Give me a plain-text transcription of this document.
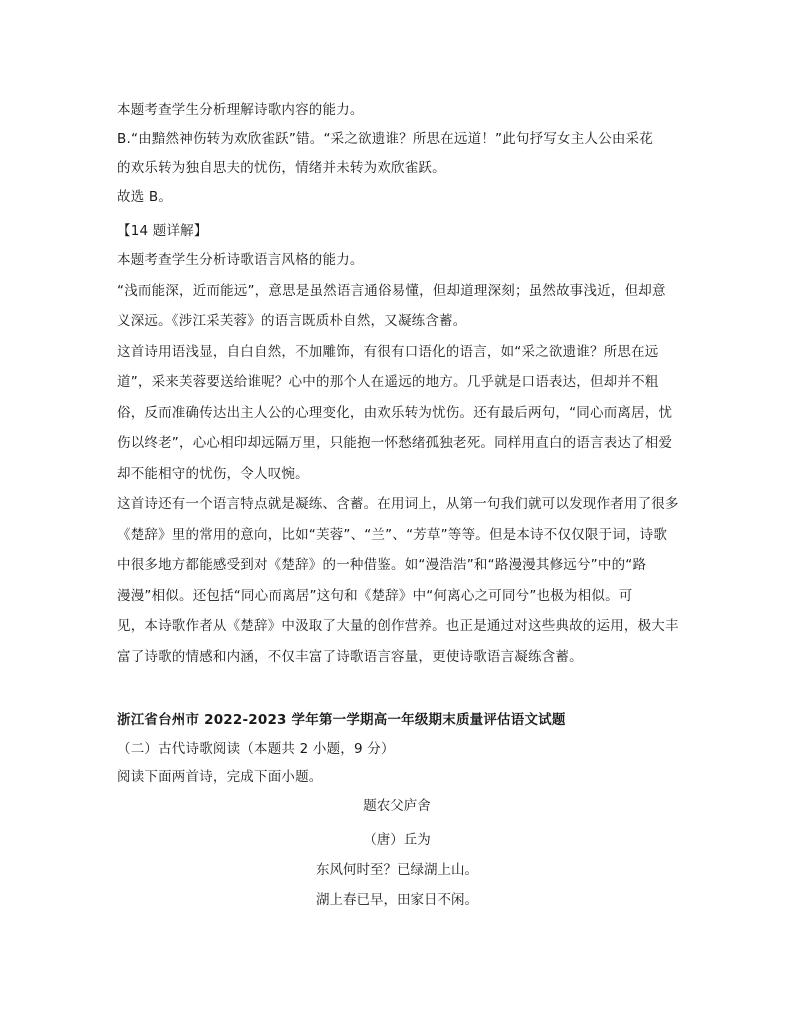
本题考查学生分析理解诗歌内容的能力。
B.“由黯然神伤转为欢欣雀跃”错。“采之欲遗谁？所思在远道！”此句抒写女主人公由采花
的欢乐转为独自思夫的忧伤，情绪并未转为欢欣雀跃。
故选 B。
【14 题详解】
本题考查学生分析诗歌语言风格的能力。
“浅而能深，近而能远”，意思是虽然语言通俗易懂，但却道理深刻；虽然故事浅近，但却意
义深远。《涉江采芙蓉》的语言既质朴自然，又凝练含蓄。
这首诗用语浅显，自白自然，不加雕饰，有很有口语化的语言，如“采之欲遗谁？所思在远
道”，采来芙蓉要送给谁呢？心中的那个人在遥远的地方。几乎就是口语表达，但却并不粗
俗，反而准确传达出主人公的心理变化，由欢乐转为忧伤。还有最后两句，“同心而离居，忧
伤以终老”，心心相印却远隔万里，只能抱一怀愁绪孤独老死。同样用直白的语言表达了相爱
却不能相守的忧伤，令人叹惋。
这首诗还有一个语言特点就是凝练、含蓄。在用词上，从第一句我们就可以发现作者用了很多
《楚辞》里的常用的意向，比如“芙蓉”、“兰”、“芳草”等等。但是本诗不仅仅限于词，诗歌
中很多地方都能感受到对《楚辞》的一种借鉴。如“漫浩浩”和“路漫漫其修远兮”中的“路
漫漫”相似。还包括“同心而离居”这句和《楚辞》中“何离心之可同兮”也极为相似。可
见，本诗歌作者从《楚辞》中汲取了大量的创作营养。也正是通过对这些典故的运用，极大丰
富了诗歌的情感和内涵，不仅丰富了诗歌语言容量，更使诗歌语言凝练含蓄。
浙江省台州市 2022-2023 学年第一学期高一年级期末质量评估语文试题
（二）古代诗歌阅读（本题共 2 小题，9 分）
阅读下面两首诗，完成下面小题。
题农父庐舍
（唐）丘为
东风何时至？已绿湖上山。
湖上春已早，田家日不闲。
